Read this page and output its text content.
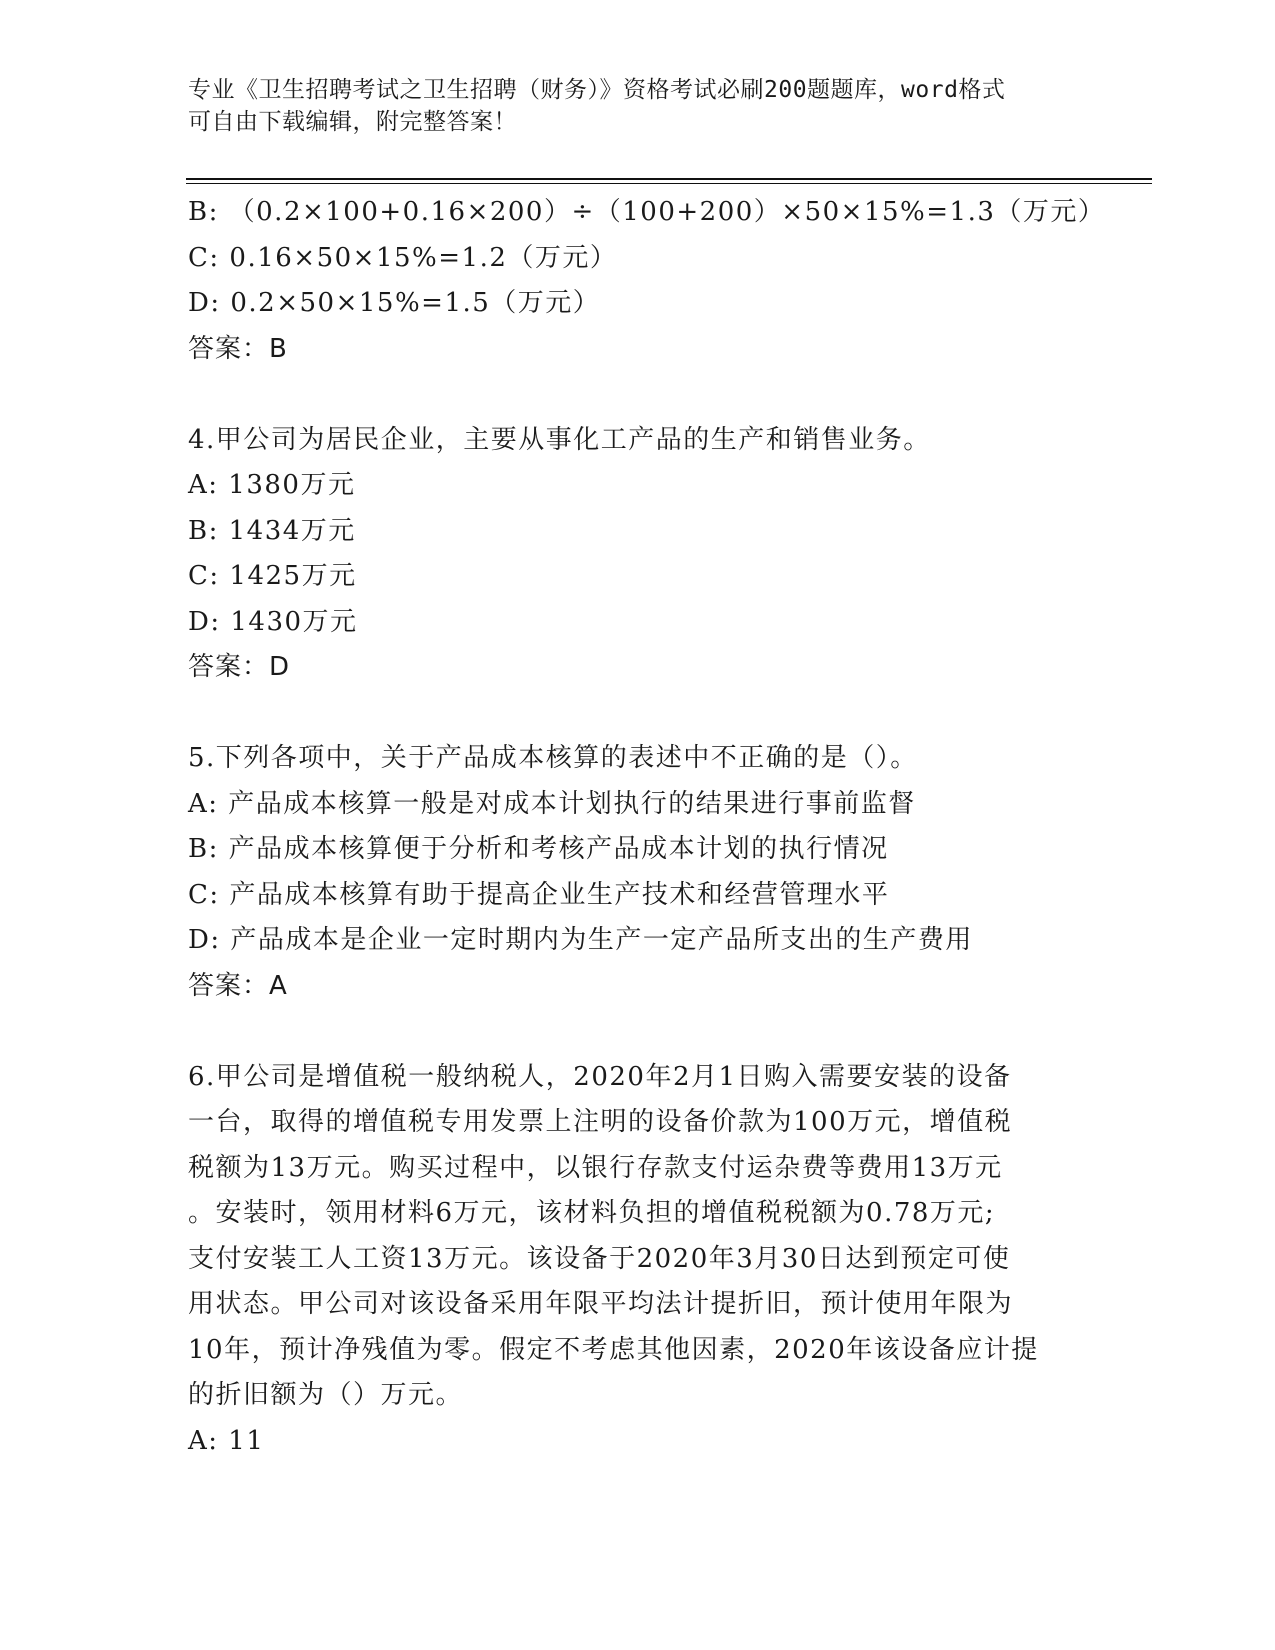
专业《卫生招聘考试之卫生招聘（财务）》资格考试必刷200题题库，word格式
可自由下载编辑，附完整答案！
B: （0.2×100+0.16×200）÷（100+200）×50×15%=1.3（万元）
C: 0.16×50×15%=1.2（万元）
D: 0.2×50×15%=1.5（万元）
答案：B
4.甲公司为居民企业，主要从事化工产品的生产和销售业务。
A: 1380万元
B: 1434万元
C: 1425万元
D: 1430万元
答案：D
5.下列各项中，关于产品成本核算的表述中不正确的是（）。
A: 产品成本核算一般是对成本计划执行的结果进行事前监督
B: 产品成本核算便于分析和考核产品成本计划的执行情况
C: 产品成本核算有助于提高企业生产技术和经营管理水平
D: 产品成本是企业一定时期内为生产一定产品所支出的生产费用
答案：A
6.甲公司是增值税一般纳税人，2020年2月1日购入需要安装的设备
一台，取得的增值税专用发票上注明的设备价款为100万元，增值税
税额为13万元。购买过程中，以银行存款支付运杂费等费用13万元
。安装时，领用材料6万元，该材料负担的增值税税额为0.78万元;
支付安装工人工资13万元。该设备于2020年3月30日达到预定可使
用状态。甲公司对该设备采用年限平均法计提折旧，预计使用年限为
10年，预计净残值为零。假定不考虑其他因素，2020年该设备应计提
的折旧额为（）万元。
A: 11
